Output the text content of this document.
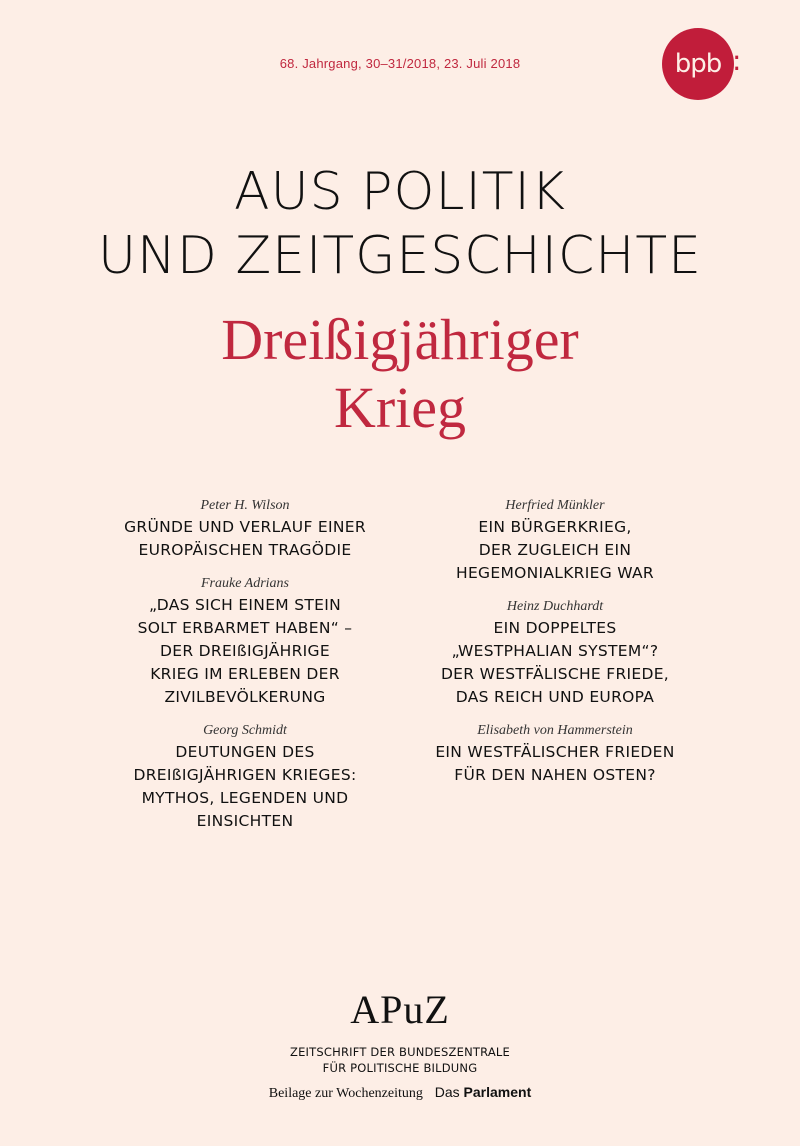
68. Jahrgang, 30–31/2018, 23. Juli 2018	bpb :
AUS POLITIK
UND ZEITGESCHICHTE
Dreißigjähriger
Krieg
Peter H. Wilson
GRÜNDE UND VERLAUF EINER
EUROPÄISCHEN TRAGÖDIE
Frauke Adrians
„DAS SICH EINEM STEIN
SOLT ERBARMET HABEN“ –
DER DREIßIGJÄHRIGE
KRIEG IM ERLEBEN DER
ZIVILBEVÖLKERUNG
Georg Schmidt
DEUTUNGEN DES
DREIßIGJÄHRIGEN KRIEGES:
MYTHOS, LEGENDEN UND
EINSICHTEN
Herfried Münkler
EIN BÜRGERKRIEG,
DER ZUGLEICH EIN
HEGEMONIALKRIEG WAR
Heinz Duchhardt
EIN DOPPELTES
„WESTPHALIAN SYSTEM“?
DER WESTFÄLISCHE FRIEDE,
DAS REICH UND EUROPA
Elisabeth von Hammerstein
EIN WESTFÄLISCHER FRIEDEN
FÜR DEN NAHEN OSTEN?
APuZ
ZEITSCHRIFT DER BUNDESZENTRALE
FÜR POLITISCHE BILDUNG
Beilage zur Wochenzeitung Das Parlament
